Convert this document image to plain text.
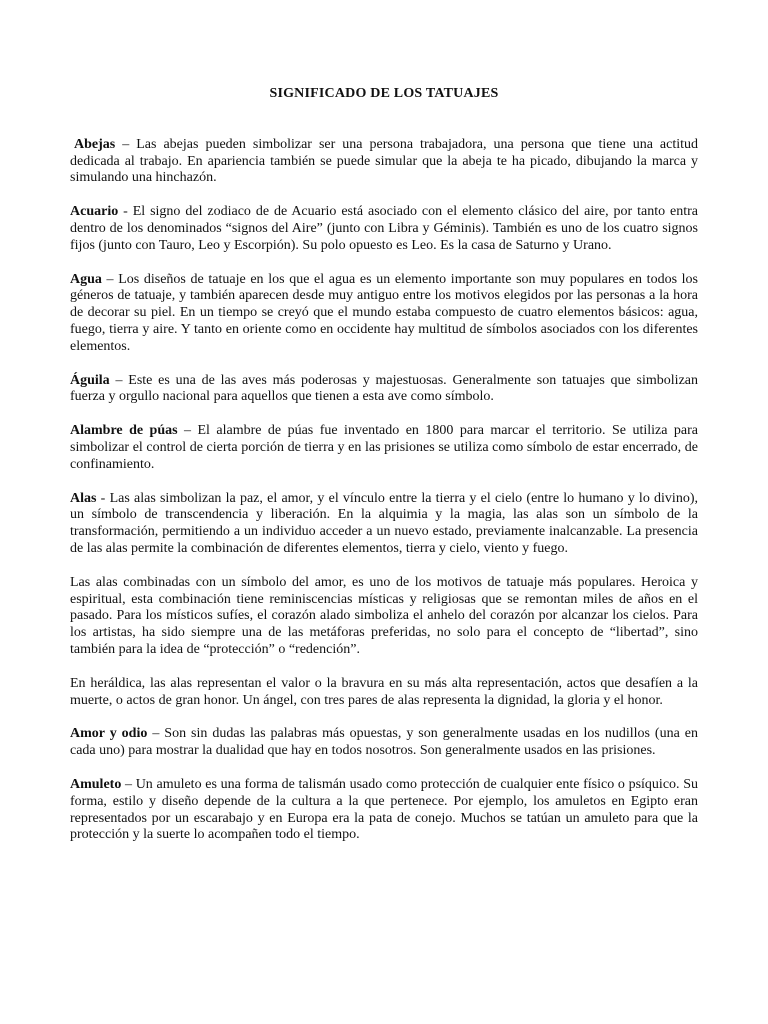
SIGNIFICADO DE LOS TATUAJES

Abejas – Las abejas pueden simbolizar ser una persona trabajadora, una persona que tiene una actitud dedicada al trabajo. En apariencia también se puede simular que la abeja te ha picado, dibujando la marca y simulando una hinchazón.

Acuario - El signo del zodiaco de de Acuario está asociado con el elemento clásico del aire, por tanto entra dentro de los denominados “signos del Aire” (junto con Libra y Géminis). También es uno de los cuatro signos fijos (junto con Tauro, Leo y Escorpión). Su polo opuesto es Leo. Es la casa de Saturno y Urano.

Agua – Los diseños de tatuaje en los que el agua es un elemento importante son muy populares en todos los géneros de tatuaje, y también aparecen desde muy antiguo entre los motivos elegidos por las personas a la hora de decorar su piel. En un tiempo se creyó que el mundo estaba compuesto de cuatro elementos básicos: agua, fuego, tierra y aire. Y tanto en oriente como en occidente hay multitud de símbolos asociados con los diferentes elementos.

Águila – Este es una de las aves más poderosas y majestuosas. Generalmente son tatuajes que simbolizan fuerza y orgullo nacional para aquellos que tienen a esta ave como símbolo.

Alambre de púas – El alambre de púas fue inventado en 1800 para marcar el territorio. Se utiliza para simbolizar el control de cierta porción de tierra y en las prisiones se utiliza como símbolo de estar encerrado, de confinamiento.

Alas - Las alas simbolizan la paz, el amor, y el vínculo entre la tierra y el cielo (entre lo humano y lo divino), un símbolo de transcendencia y liberación. En la alquimia y la magia, las alas son un símbolo de la transformación, permitiendo a un individuo acceder a un nuevo estado, previamente inalcanzable. La presencia de las alas permite la combinación de diferentes elementos, tierra y cielo, viento y fuego.

Las alas combinadas con un símbolo del amor, es uno de los motivos de tatuaje más populares. Heroica y espiritual, esta combinación tiene reminiscencias místicas y religiosas que se remontan miles de años en el pasado. Para los místicos sufíes, el corazón alado simboliza el anhelo del corazón por alcanzar los cielos. Para los artistas, ha sido siempre una de las metáforas preferidas, no solo para el concepto de “libertad”, sino también para la idea de “protección” o “redención”.

En heráldica, las alas representan el valor o la bravura en su más alta representación, actos que desafíen a la muerte, o actos de gran honor. Un ángel, con tres pares de alas representa la dignidad, la gloria y el honor.

Amor y odio – Son sin dudas las palabras más opuestas, y son generalmente usadas en los nudillos (una en cada uno) para mostrar la dualidad que hay en todos nosotros. Son generalmente usados en las prisiones.

Amuleto – Un amuleto es una forma de talismán usado como protección de cualquier ente físico o psíquico. Su forma, estilo y diseño depende de la cultura a la que pertenece. Por ejemplo, los amuletos en Egipto eran representados por un escarabajo y en Europa era la pata de conejo. Muchos se tatúan un amuleto para que la protección y la suerte lo acompañen todo el tiempo.
